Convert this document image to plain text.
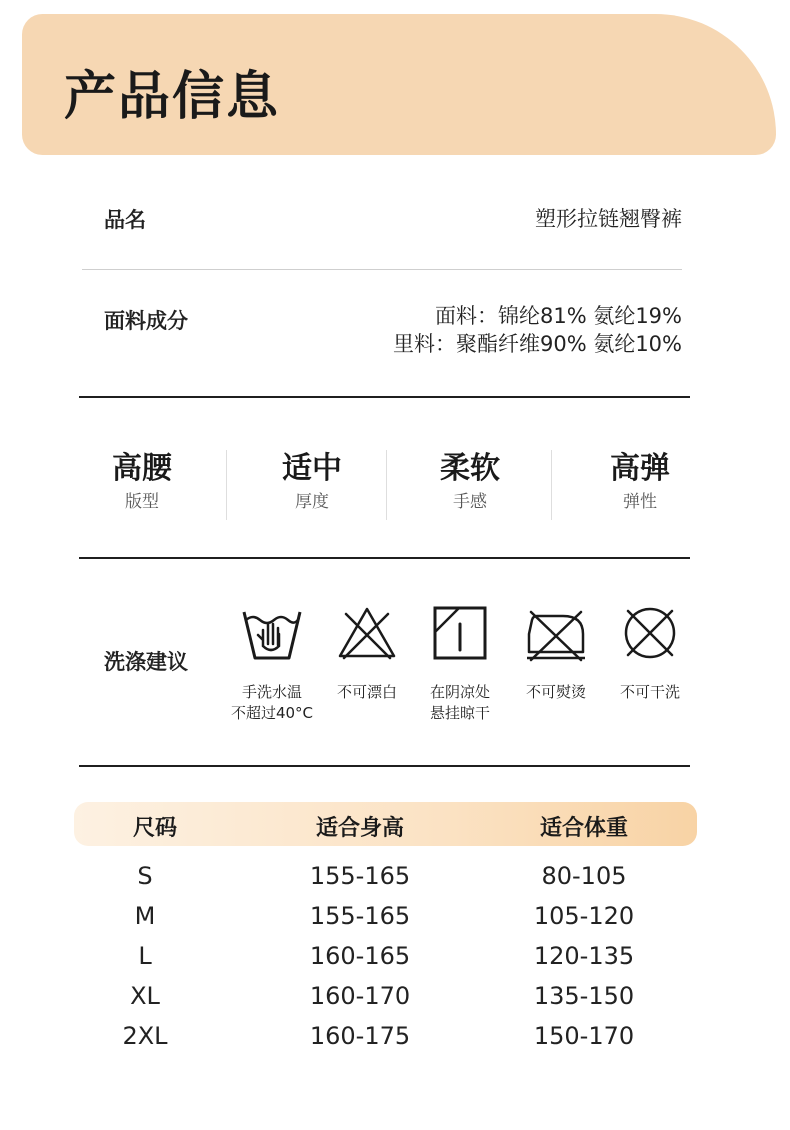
产品信息
品名	塑形拉链翘臀裤
面料成分	面料：锦纶81% 氨纶19%
里料：聚酯纤维90% 氨纶10%
高腰
版型
适中
厚度
柔软
手感
高弹
弹性
洗涤建议
手洗水温
不超过40°C
不可漂白	在阴凉处
悬挂晾干
不可熨烫	不可干洗
尺码	适合身高	适合体重
S	155-165	80-105
M	155-165	105-120
L	160-165	120-135
XL	160-170	135-150
2XL	160-175	150-170
